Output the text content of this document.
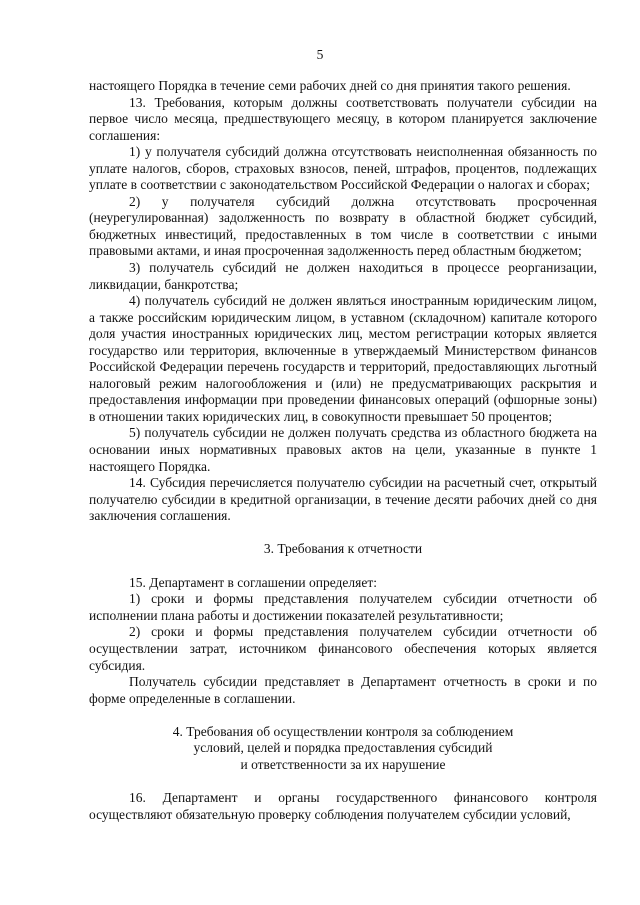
5

настоящего Порядка в течение семи рабочих дней со дня принятия такого решения.

13. Требования, которым должны соответствовать получатели субсидии на первое число месяца, предшествующего месяцу, в котором планируется заключение соглашения:

1) у получателя субсидий должна отсутствовать неисполненная обязанность по уплате налогов, сборов, страховых взносов, пеней, штрафов, процентов, подлежащих уплате в соответствии с законодательством Российской Федерации о налогах и сборах;

2) у получателя субсидий должна отсутствовать просроченная (неурегулированная) задолженность по возврату в областной бюджет субсидий, бюджетных инвестиций, предоставленных в том числе в соответствии с иными правовыми актами, и иная просроченная задолженность перед областным бюджетом;

3) получатель субсидий не должен находиться в процессе реорганизации, ликвидации, банкротства;

4) получатель субсидий не должен являться иностранным юридическим лицом, а также российским юридическим лицом, в уставном (складочном) капитале которого доля участия иностранных юридических лиц, местом регистрации которых является государство или территория, включенные в утверждаемый Министерством финансов Российской Федерации перечень государств и территорий, предоставляющих льготный налоговый режим налогообложения и (или) не предусматривающих раскрытия и предоставления информации при проведении финансовых операций (офшорные зоны) в отношении таких юридических лиц, в совокупности превышает 50 процентов;

5) получатель субсидии не должен получать средства из областного бюджета на основании иных нормативных правовых актов на цели, указанные в пункте 1 настоящего Порядка.

14. Субсидия перечисляется получателю субсидии на расчетный счет, открытый получателю субсидии в кредитной организации, в течение десяти рабочих дней со дня заключения соглашения.

3. Требования к отчетности

15. Департамент в соглашении определяет:

1) сроки и формы представления получателем субсидии отчетности об исполнении плана работы и достижении показателей результативности;

2) сроки и формы представления получателем субсидии отчетности об осуществлении затрат, источником финансового обеспечения которых является субсидия.

Получатель субсидии представляет в Департамент отчетность в сроки и по форме определенные в соглашении.

4. Требования об осуществлении контроля за соблюдением

условий, целей и порядка предоставления субсидий

и ответственности за их нарушение

16. Департамент и органы государственного финансового контроля осуществляют обязательную проверку соблюдения получателем субсидии условий,
